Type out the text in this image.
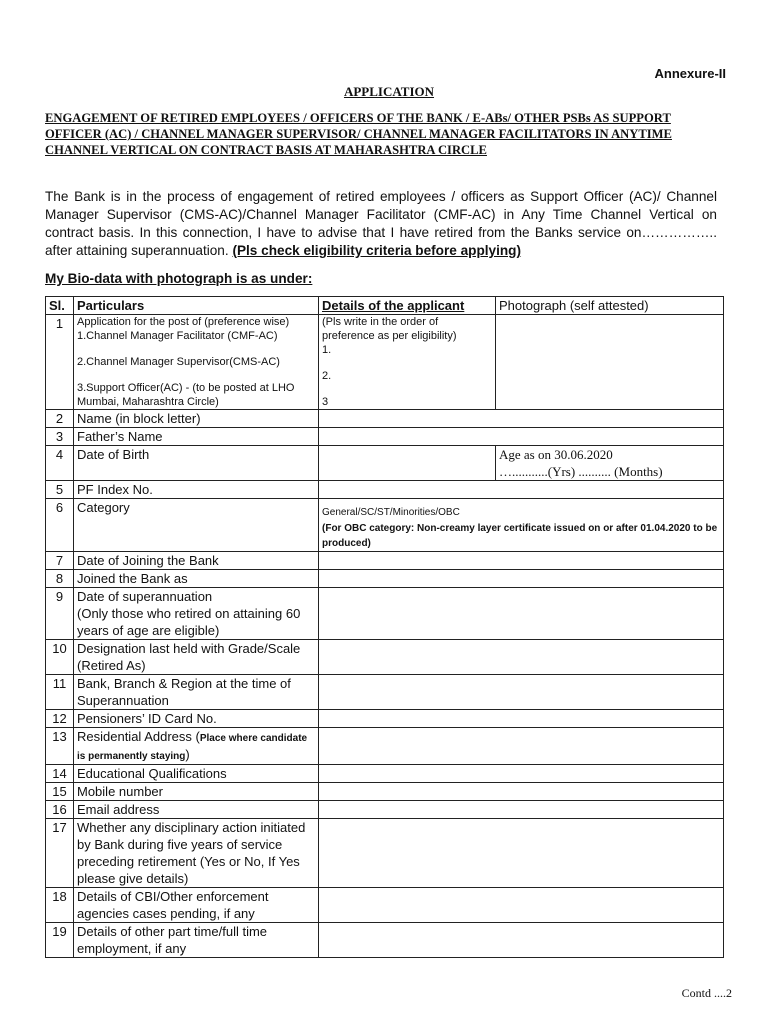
Annexure-II
APPLICATION
ENGAGEMENT OF RETIRED EMPLOYEES / OFFICERS OF THE BANK / E-ABs/ OTHER PSBs AS SUPPORT OFFICER (AC) / CHANNEL MANAGER SUPERVISOR/ CHANNEL MANAGER FACILITATORS IN ANYTIME CHANNEL VERTICAL ON CONTRACT BASIS AT MAHARASHTRA CIRCLE
The Bank is in the process of engagement of retired employees / officers as Support Officer (AC)/ Channel Manager Supervisor (CMS-AC)/Channel Manager Facilitator (CMF-AC) in Any Time Channel Vertical on contract basis. In this connection, I have to advise that I have retired from the Banks service on…………….. after attaining superannuation. (Pls check eligibility criteria before applying)
My Bio-data with photograph is as under:
Sl.	Particulars	Details of the applicant	Photograph (self attested)
1	Application for the post of (preference wise)
1.Channel Manager Facilitator (CMF-AC)
2.Channel Manager Supervisor(CMS-AC)
3.Support Officer(AC) - (to be posted at LHO Mumbai, Maharashtra Circle)	(Pls write in the order of preference as per eligibility)
1.
2.
3	

2	Name (in block letter)		
3	Father’s Name		
4	Date of Birth		Age as on 30.06.2020
…...........(Yrs) .......... (Months)

5	PF Index No.		
6	Category	General/SC/ST/Minorities/OBC
(For OBC category: Non-creamy layer certificate issued on or after 01.04.2020 to be produced)	

7	Date of Joining the Bank		
8	Joined the Bank as		
9	Date of superannuation
(Only those who retired on attaining 60 years of age are eligible)		

10	Designation last held with Grade/Scale (Retired As)		
11	Bank, Branch & Region at the time of Superannuation		
12	Pensioners’ ID Card No.		
13	Residential Address (Place where candidate is permanently staying)		
14	Educational Qualifications		
15	Mobile number		
16	Email address		
17	Whether any disciplinary action initiated by Bank during five years of service preceding retirement (Yes or No, If Yes please give details)		
18	Details of CBI/Other enforcement agencies cases pending, if any		
19	Details of other part time/full time employment, if any		
Contd ....2
